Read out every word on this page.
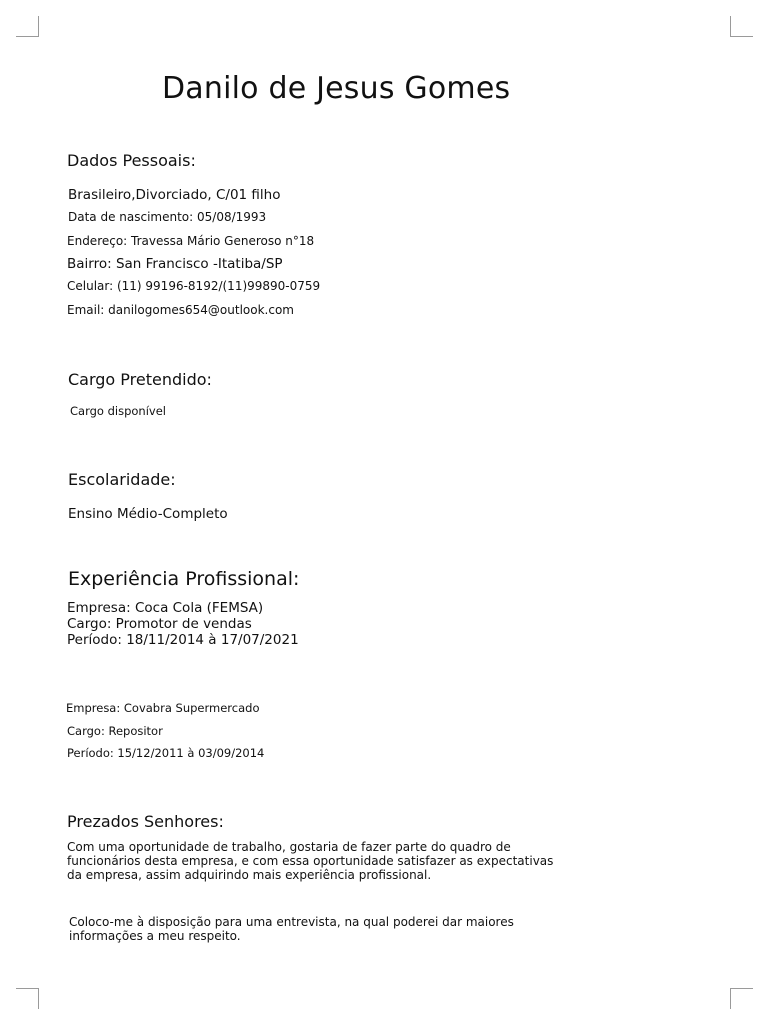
Danilo de Jesus Gomes
Dados Pessoais:
Brasileiro,Divorciado, C/01 filho
Data de nascimento: 05/08/1993
Endereço: Travessa Mário Generoso n°18
Bairro: San Francisco -Itatiba/SP
Celular: (11) 99196-8192/(11)99890-0759
Email: danilogomes654@outlook.com
Cargo Pretendido:
Cargo disponível
Escolaridade:
Ensino Médio-Completo
Experiência Profissional:
Empresa: Coca Cola (FEMSA)
Cargo: Promotor de vendas
Período: 18/11/2014 à 17/07/2021
Empresa: Covabra Supermercado
Cargo: Repositor
Período: 15/12/2011 à 03/09/2014
Prezados Senhores:
Com uma oportunidade de trabalho, gostaria de fazer parte do quadro de funcionários desta empresa, e com essa oportunidade satisfazer as expectativas da empresa, assim adquirindo mais experiência profissional.
Coloco-me à disposição para uma entrevista, na qual poderei dar maiores informações a meu respeito.
